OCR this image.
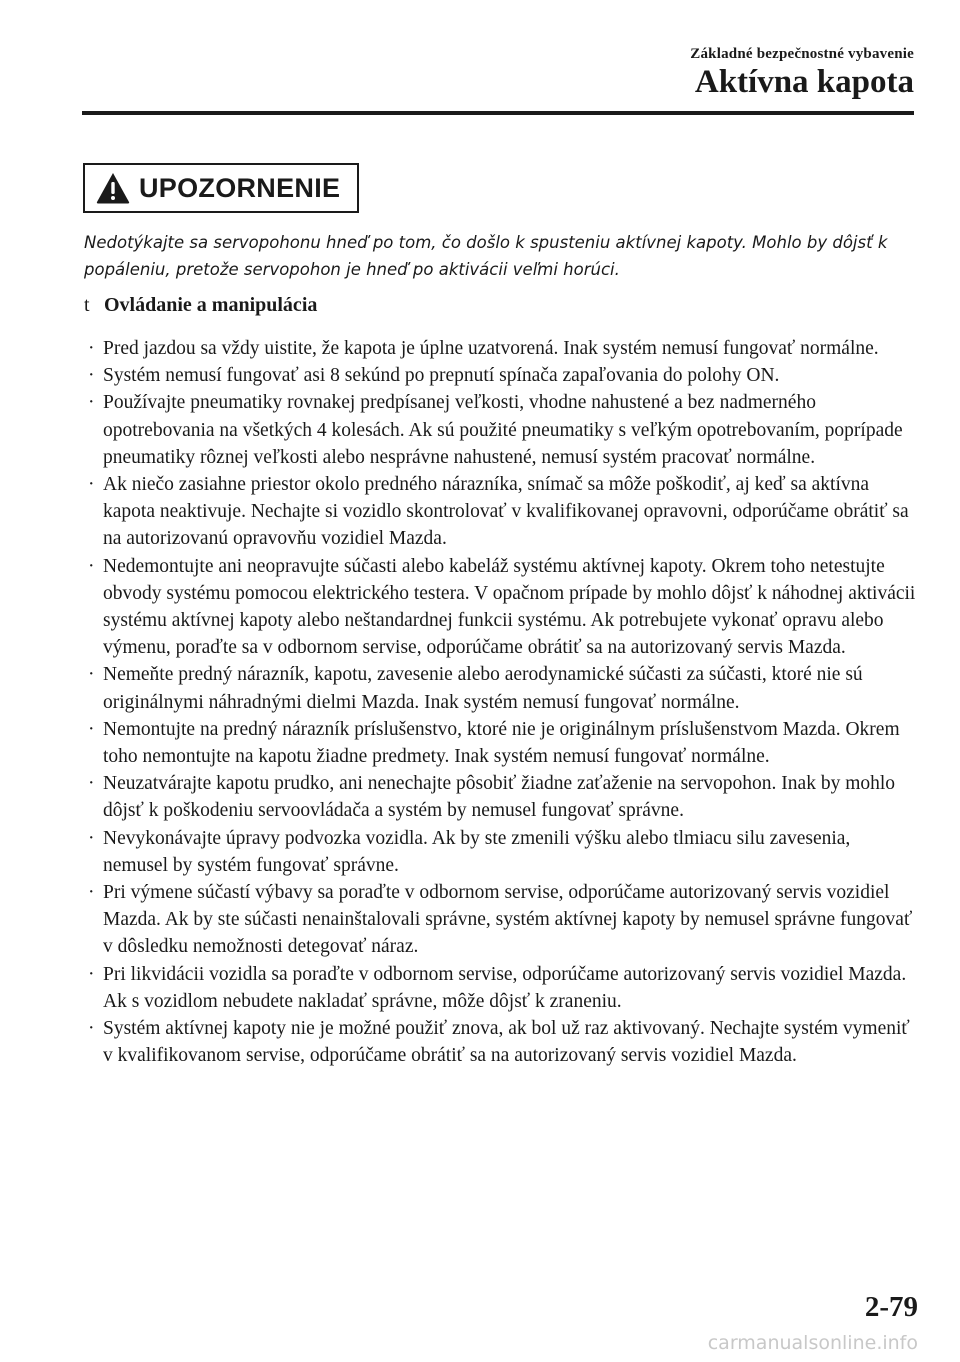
Základné bezpečnostné vybavenie
Aktívna kapota
UPOZORNENIE
Nedotýkajte sa servopohonu hneď po tom, čo došlo k spusteniu aktívnej kapoty. Mohlo by dôjsť k popáleniu, pretože servopohon je hneď po aktivácii veľmi horúci.
t Ovládanie a manipulácia
· Pred jazdou sa vždy uistite, že kapota je úplne uzatvorená. Inak systém nemusí fungovať normálne.
· Systém nemusí fungovať asi 8 sekúnd po prepnutí spínača zapaľovania do polohy ON.
· Používajte pneumatiky rovnakej predpísanej veľkosti, vhodne nahustené a bez nadmerného opotrebovania na všetkých 4 kolesách. Ak sú použité pneumatiky s veľkým opotrebovaním, poprípade pneumatiky rôznej veľkosti alebo nesprávne nahustené, nemusí systém pracovať normálne.
· Ak niečo zasiahne priestor okolo predného nárazníka, snímač sa môže poškodiť, aj keď sa aktívna kapota neaktivuje. Nechajte si vozidlo skontrolovať v kvalifikovanej opravovni, odporúčame obrátiť sa na autorizovanú opravovňu vozidiel Mazda.
· Nedemontujte ani neopravujte súčasti alebo kabeláž systému aktívnej kapoty. Okrem toho netestujte obvody systému pomocou elektrického testera. V opačnom prípade by mohlo dôjsť k náhodnej aktivácii systému aktívnej kapoty alebo neštandardnej funkcii systému. Ak potrebujete vykonať opravu alebo výmenu, poraďte sa v odbornom servise, odporúčame obrátiť sa na autorizovaný servis Mazda.
· Nemeňte predný nárazník, kapotu, zavesenie alebo aerodynamické súčasti za súčasti, ktoré nie sú originálnymi náhradnými dielmi Mazda. Inak systém nemusí fungovať normálne.
· Nemontujte na predný nárazník príslušenstvo, ktoré nie je originálnym príslušenstvom Mazda. Okrem toho nemontujte na kapotu žiadne predmety. Inak systém nemusí fungovať normálne.
· Neuzatvárajte kapotu prudko, ani nenechajte pôsobiť žiadne zaťaženie na servopohon. Inak by mohlo dôjsť k poškodeniu servoovládača a systém by nemusel fungovať správne.
· Nevykonávajte úpravy podvozka vozidla. Ak by ste zmenili výšku alebo tlmiacu silu zavesenia, nemusel by systém fungovať správne.
· Pri výmene súčastí výbavy sa poraďte v odbornom servise, odporúčame autorizovaný servis vozidiel Mazda. Ak by ste súčasti nenainštalovali správne, systém aktívnej kapoty by nemusel správne fungovať v dôsledku nemožnosti detegovať náraz.
· Pri likvidácii vozidla sa poraďte v odbornom servise, odporúčame autorizovaný servis vozidiel Mazda. Ak s vozidlom nebudete nakladať správne, môže dôjsť k zraneniu.
· Systém aktívnej kapoty nie je možné použiť znova, ak bol už raz aktivovaný. Nechajte systém vymeniť v kvalifikovanom servise, odporúčame obrátiť sa na autorizovaný servis vozidiel Mazda.
2-79
carmanualsonline.info
